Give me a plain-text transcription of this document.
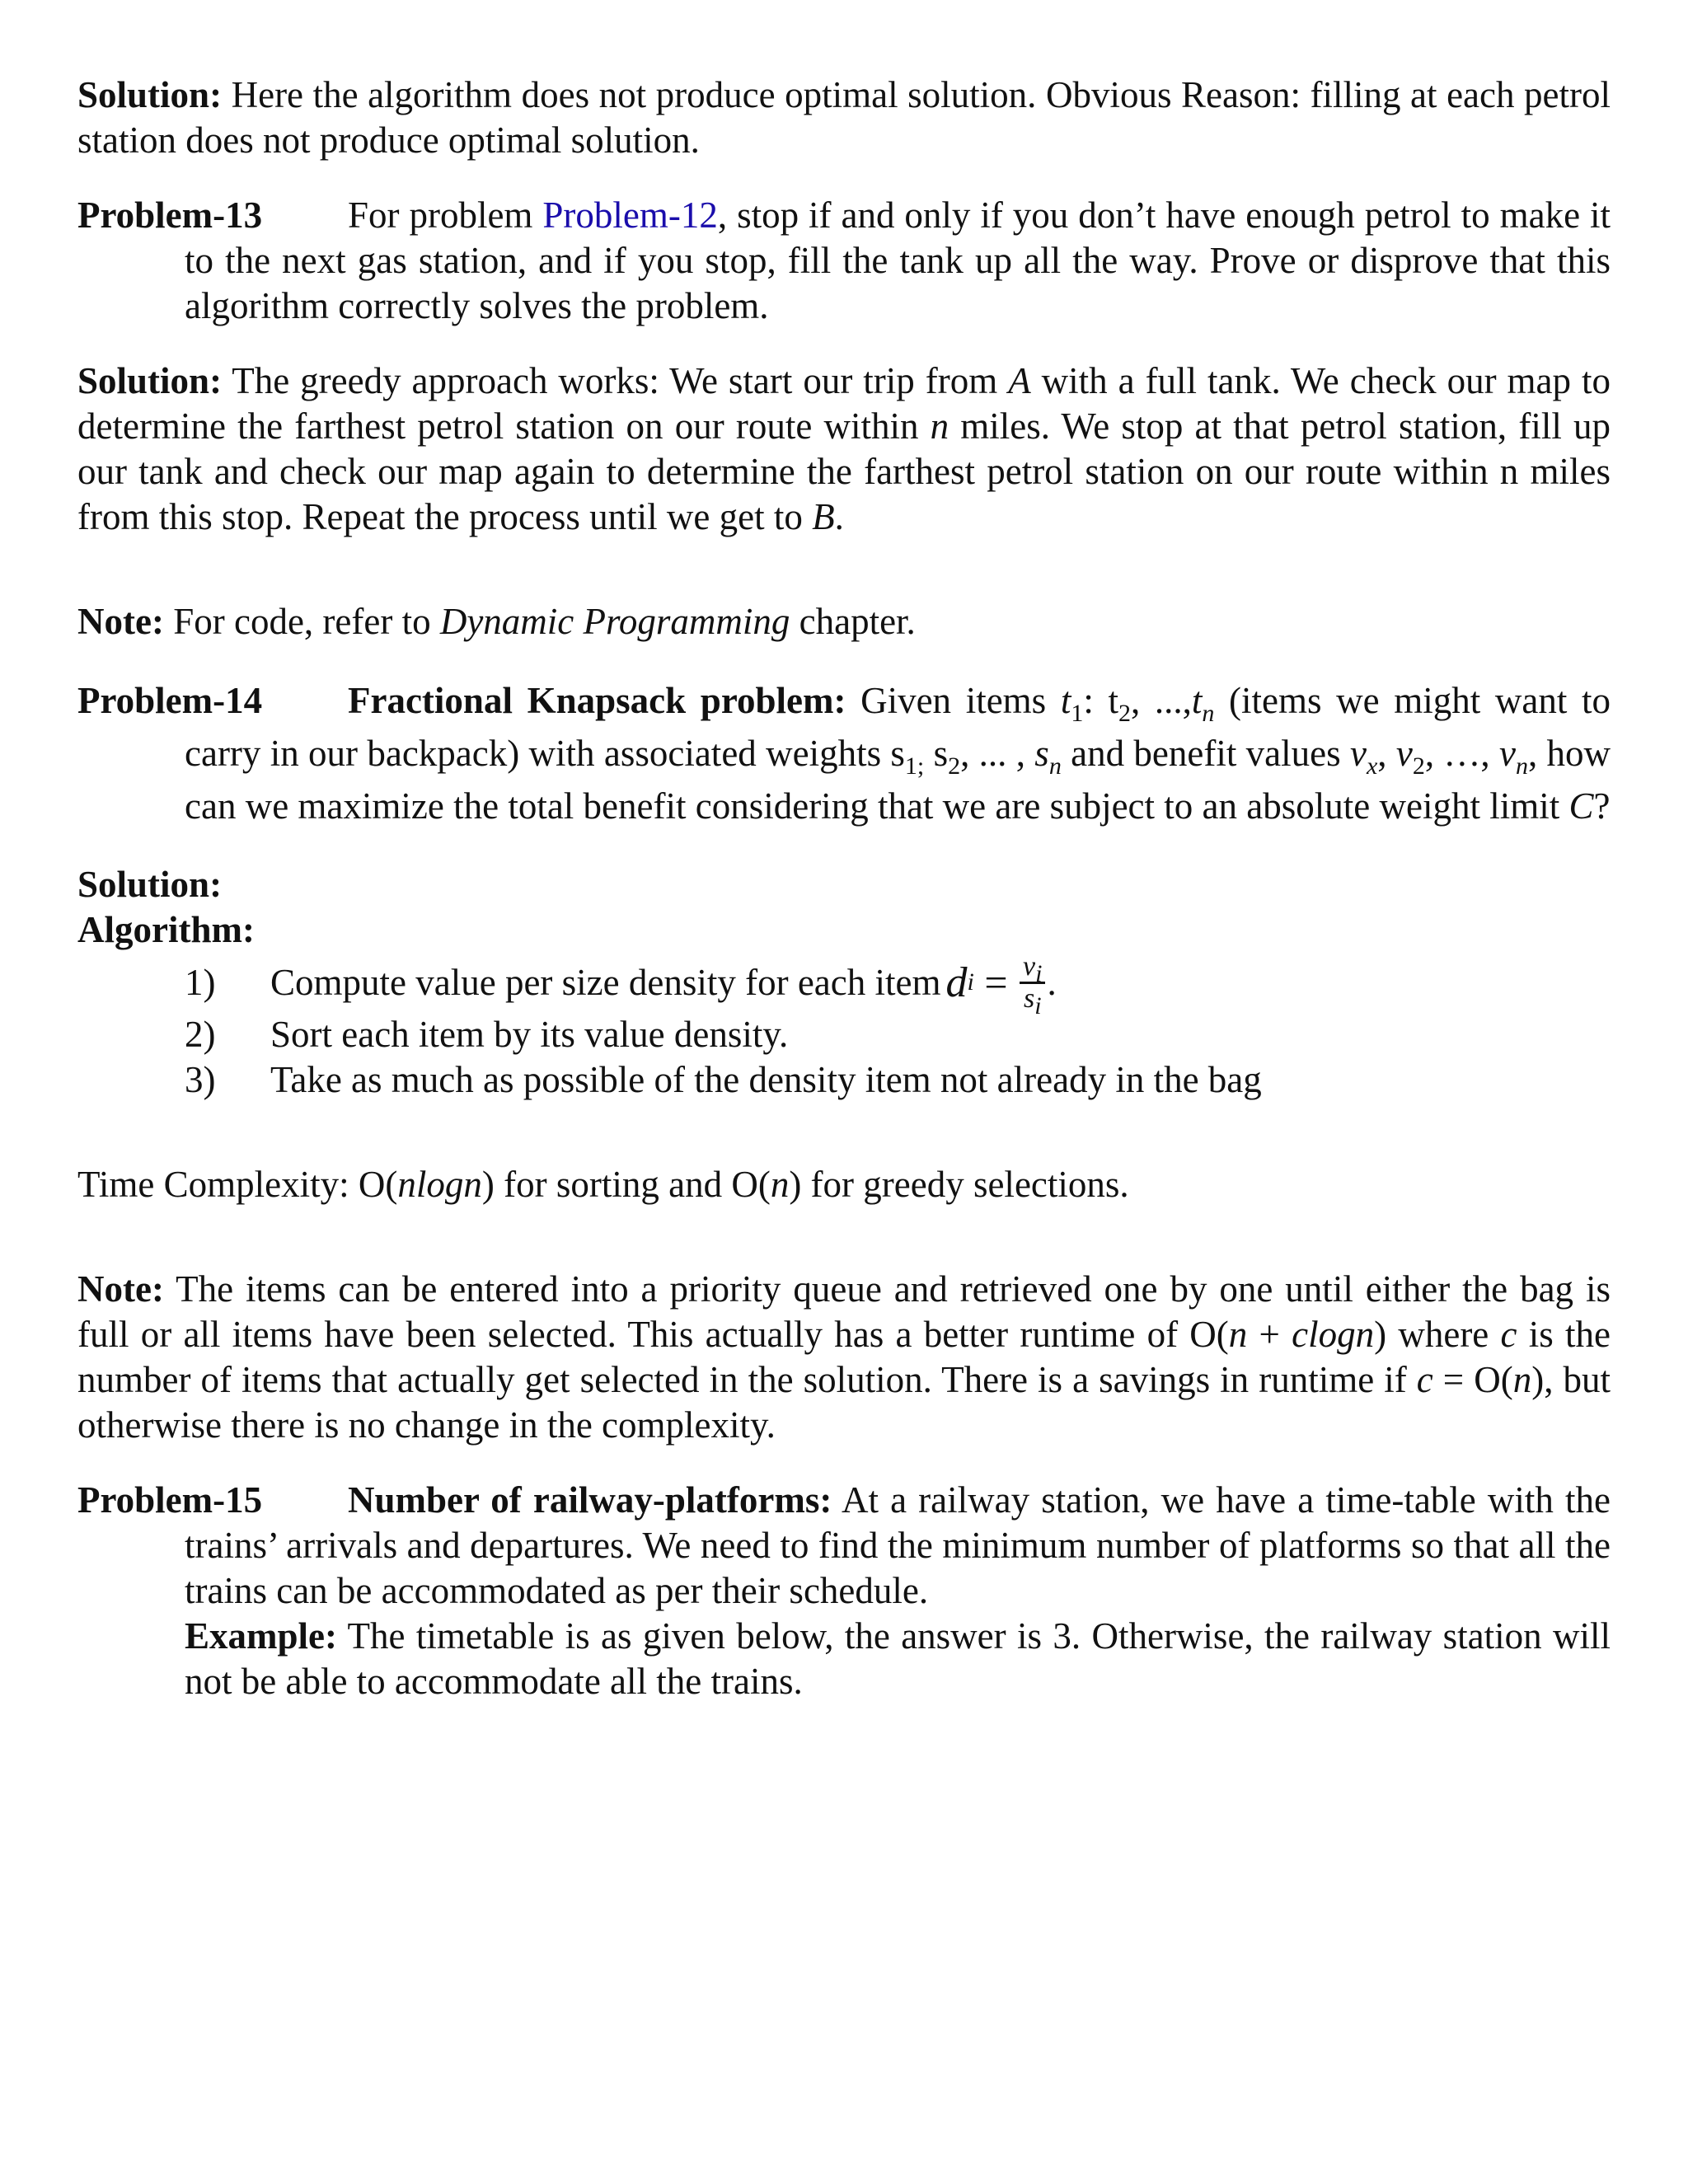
Solution: Here the algorithm does not produce optimal solution. Obvious Reason: filling at each petrol station does not produce optimal solution.

Problem-13 For problem Problem-12, stop if and only if you don’t have enough petrol to make it to the next gas station, and if you stop, fill the tank up all the way. Prove or disprove that this algorithm correctly solves the problem.

Solution: The greedy approach works: We start our trip from A with a full tank. We check our map to determine the farthest petrol station on our route within n miles. We stop at that petrol station, fill up our tank and check our map again to determine the farthest petrol station on our route within n miles from this stop. Repeat the process until we get to B.

Note: For code, refer to Dynamic Programming chapter.

Problem-14 Fractional Knapsack problem: Given items $t_1$: $t_2$, $...,t_n$ (items we might want to carry in our backpack) with associated weights $s_{1;}$ $s_2$, ... , $s_n$ and benefit values $v_x$, $v_2$, …, $v_n$, how can we maximize the total benefit considering that we are subject to an absolute weight limit C?

Solution:

Algorithm:

1)	Compute value per size density for each item d $i = \frac{v_i}{s_i}$ .
2)	Sort each item by its value density.
3)	Take as much as possible of the density item not already in the bag

Time Complexity: O(nlogn) for sorting and O(n) for greedy selections.

Note: The items can be entered into a priority queue and retrieved one by one until either the bag is full or all items have been selected. This actually has a better runtime of O(n + clogn) where c is the number of items that actually get selected in the solution. There is a savings in runtime if c = O(n), but otherwise there is no change in the complexity.

Problem-15 Number of railway-platforms: At a railway station, we have a time-table with the trains’ arrivals and departures. We need to find the minimum number of platforms so that all the trains can be accommodated as per their schedule.

Example: The timetable is as given below, the answer is 3. Otherwise, the railway station will not be able to accommodate all the trains.
